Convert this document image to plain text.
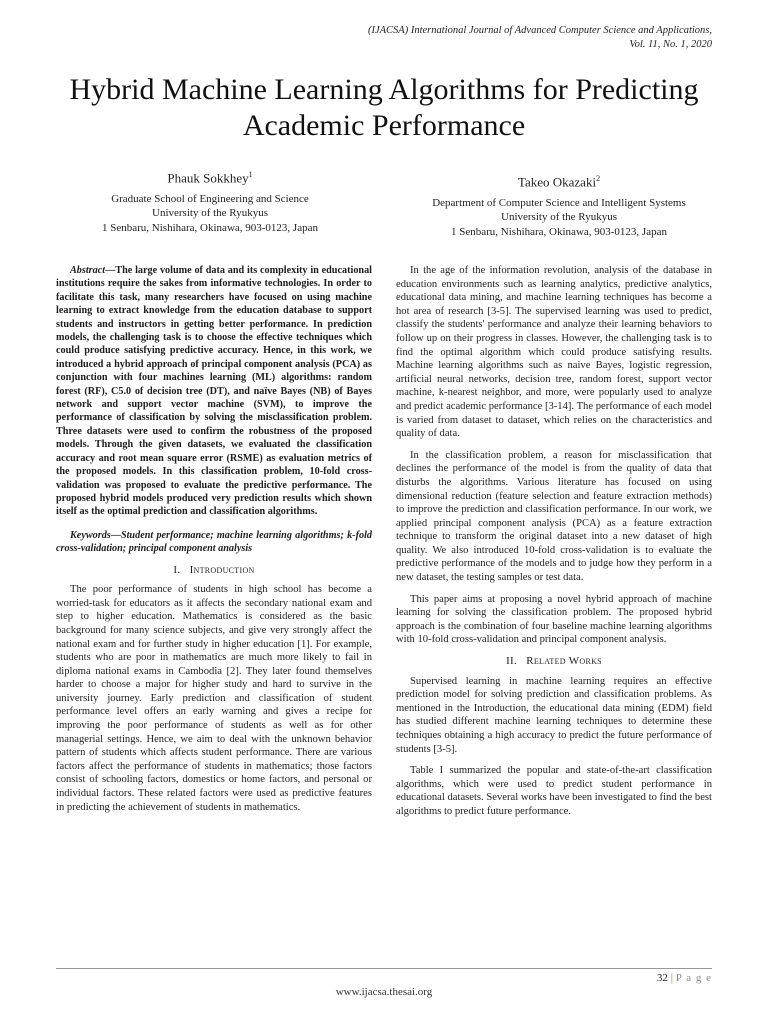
(IJACSA) International Journal of Advanced Computer Science and Applications,
Vol. 11, No. 1, 2020
Hybrid Machine Learning Algorithms for Predicting
Academic Performance
Phauk Sokkhey$^1$
Graduate School of Engineering and Science
University of the Ryukyus
1 Senbaru, Nishihara, Okinawa, 903-0123, Japan
Takeo Okazaki$^2$
Department of Computer Science and Intelligent Systems
University of the Ryukyus
1 Senbaru, Nishihara, Okinawa, 903-0123, Japan

Abstract—The large volume of data and its complexity in educational institutions require the sakes from informative technologies. In order to facilitate this task, many researchers have focused on using machine learning to extract knowledge from the education database to support students and instructors in getting better performance. In prediction models, the challenging task is to choose the effective techniques which could produce satisfying predictive accuracy. Hence, in this work, we introduced a hybrid approach of principal component analysis (PCA) as conjunction with four machines learning (ML) algorithms: random forest (RF), C5.0 of decision tree (DT), and naïve Bayes (NB) of Bayes network and support vector machine (SVM), to improve the performance of classification by solving the misclassification problem. Three datasets were used to confirm the robustness of the proposed models. Through the given datasets, we evaluated the classification accuracy and root mean square error (RSME) as evaluation metrics of the proposed models. In this classification problem, 10-fold cross-validation was proposed to evaluate the predictive performance. The proposed hybrid models produced very prediction results which shown itself as the optimal prediction and classification algorithms.

Keywords—Student performance; machine learning algorithms; k-fold cross-validation; principal component analysis

I. Introduction

The poor performance of students in high school has become a worried-task for educators as it affects the secondary national exam and step to higher education. Mathematics is considered as the basic background for many science subjects, and give very strongly affect the national exam and for further study in higher education [1]. For example, students who are poor in mathematics are much more likely to fail in diploma national exams in Cambodia [2]. They later found themselves harder to choose a major for higher study and hard to survive in the university journey. Early prediction and classification of student performance level offers an early warning and gives a recipe for improving the poor performance of students as well as for other managerial settings. Hence, we aim to deal with the unknown behavior pattern of students which affects student performance. There are various factors affect the performance of students in mathematics; those factors consist of schooling factors, domestics or home factors, and personal or individual factors. These related factors were used as predictive features in predicting the achievement of students in mathematics.

In the age of the information revolution, analysis of the database in education environments such as learning analytics, predictive analytics, educational data mining, and machine learning techniques has become a hot area of research [3-5]. The supervised learning was used to predict, classify the students' performance and analyze their learning behaviors to follow up on their progress in classes. However, the challenging task is to find the optimal algorithm which could produce satisfying results. Machine learning algorithms such as naive Bayes, logistic regression, artificial neural networks, decision tree, random forest, support vector machine, k-nearest neighbor, and more, were popularly used to analyze and predict academic performance [3-14]. The performance of each model is varied from dataset to dataset, which relies on the characteristics and quality of data.

In the classification problem, a reason for misclassification that declines the performance of the model is from the quality of data that disturbs the algorithms. Various literature has focused on using dimensional reduction (feature selection and feature extraction methods) to improve the prediction and classification performance. In our work, we applied principal component analysis (PCA) as a feature extraction technique to transform the original dataset into a new dataset of high quality. We also introduced 10-fold cross-validation is to evaluate the predictive performance of the models and to judge how they perform in a new dataset, the testing samples or test data.

This paper aims at proposing a novel hybrid approach of machine learning for solving the classification problem. The proposed hybrid approach is the combination of four baseline machine learning algorithms with 10-fold cross-validation and principal component analysis.

II. Related Works

Supervised learning in machine learning requires an effective prediction model for solving prediction and classification problems. As mentioned in the Introduction, the educational data mining (EDM) field has studied different machine learning techniques to determine these techniques obtaining a high accuracy to predict the future performance of students [3-5].

Table I summarized the popular and state-of-the-art classification algorithms, which were used to predict student performance in educational datasets. Several works have been investigated to find the best algorithms to predict future performance.

32 | P a g e
www.ijacsa.thesai.org
